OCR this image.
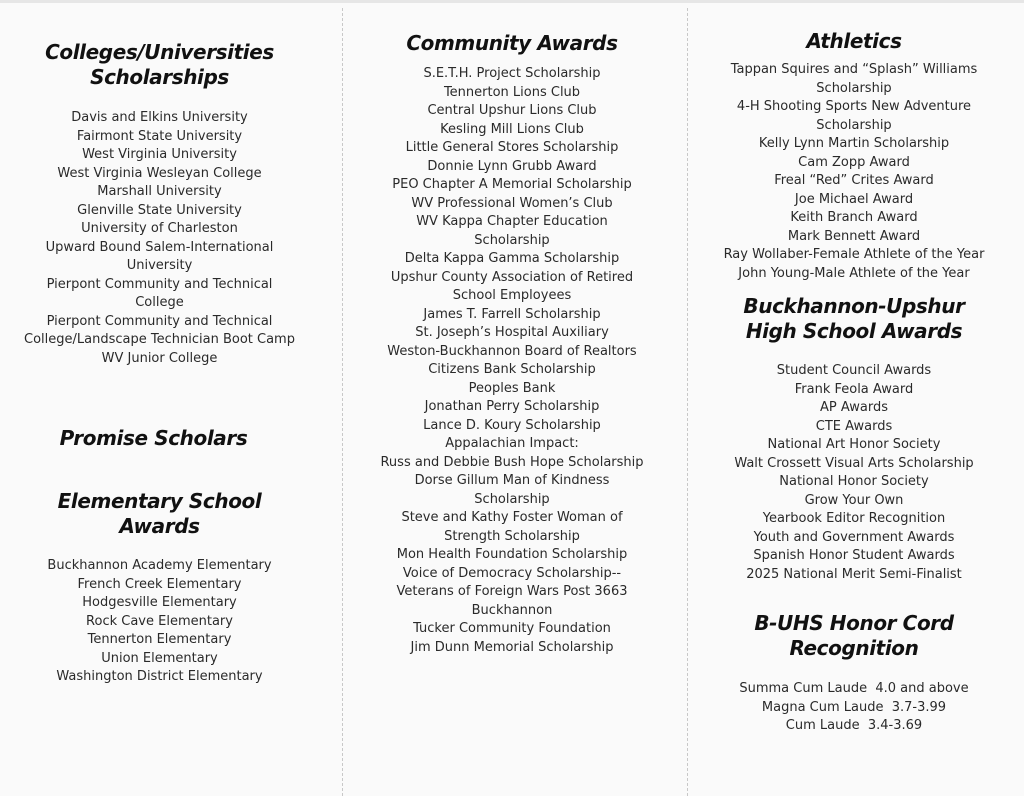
Colleges/Universities
Scholarships
Davis and Elkins University
Fairmont State University
West Virginia University
West Virginia Wesleyan College
Marshall University
Glenville State University
University of Charleston
Upward Bound Salem-International University
Pierpont Community and Technical College
Pierpont Community and Technical College/Landscape Technician Boot Camp
WV Junior College
Promise Scholars
Elementary School
Awards
Buckhannon Academy Elementary
French Creek Elementary
Hodgesville Elementary
Rock Cave Elementary
Tennerton Elementary
Union Elementary
Washington District Elementary
Community Awards
S.E.T.H. Project Scholarship
Tennerton Lions Club
Central Upshur Lions Club
Kesling Mill Lions Club
Little General Stores Scholarship
Donnie Lynn Grubb Award
PEO Chapter A Memorial Scholarship
WV Professional Women’s Club
WV Kappa Chapter Education Scholarship
Delta Kappa Gamma Scholarship
Upshur County Association of Retired School Employees
James T. Farrell Scholarship
St. Joseph’s Hospital Auxiliary
Weston-Buckhannon Board of Realtors
Citizens Bank Scholarship
Peoples Bank
Jonathan Perry Scholarship
Lance D. Koury Scholarship
Appalachian Impact:
Russ and Debbie Bush Hope Scholarship
Dorse Gillum Man of Kindness Scholarship
Steve and Kathy Foster Woman of Strength Scholarship
Mon Health Foundation Scholarship
Voice of Democracy Scholarship--Veterans of Foreign Wars Post 3663 Buckhannon
Tucker Community Foundation
Jim Dunn Memorial Scholarship
Athletics
Tappan Squires and “Splash” Williams Scholarship
4-H Shooting Sports New Adventure Scholarship
Kelly Lynn Martin Scholarship
Cam Zopp Award
Freal “Red” Crites Award
Joe Michael Award
Keith Branch Award
Mark Bennett Award
Ray Wollaber-Female Athlete of the Year
John Young-Male Athlete of the Year
Buckhannon-Upshur
High School Awards
Student Council Awards
Frank Feola Award
AP Awards
CTE Awards
National Art Honor Society
Walt Crossett Visual Arts Scholarship
National Honor Society
Grow Your Own
Yearbook Editor Recognition
Youth and Government Awards
Spanish Honor Student Awards
2025 National Merit Semi-Finalist
B-UHS Honor Cord
Recognition
Summa Cum Laude  4.0 and above
Magna Cum Laude  3.7-3.99
Cum Laude  3.4-3.69
